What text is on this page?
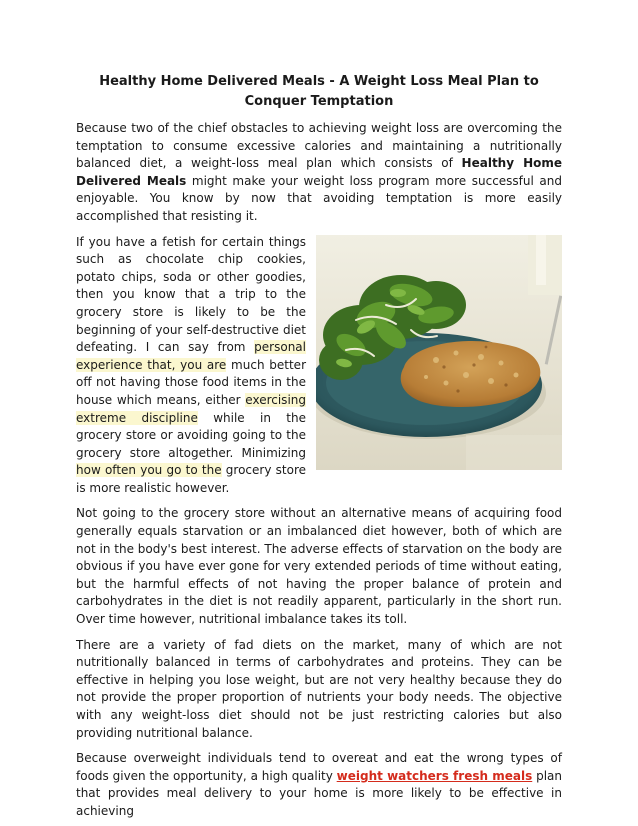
Healthy Home Delivered Meals - A Weight Loss Meal Plan to Conquer Temptation

Because two of the chief obstacles to achieving weight loss are overcoming the temptation to consume excessive calories and maintaining a nutritionally balanced diet, a weight-loss meal plan which consists of Healthy Home Delivered Meals might make your weight loss program more successful and enjoyable. You know by now that avoiding temptation is more easily accomplished that resisting it.

If you have a fetish for certain things such as chocolate chip cookies, potato chips, soda or other goodies, then you know that a trip to the grocery store is likely to be the beginning of your self-destructive diet defeating. I can say from personal experience that, you are much better off not having those food items in the house which means, either exercising extreme discipline while in the grocery store or avoiding going to the grocery store altogether. Minimizing how often you go to the grocery store is more realistic however.

Not going to the grocery store without an alternative means of acquiring food generally equals starvation or an imbalanced diet however, both of which are not in the body's best interest. The adverse effects of starvation on the body are obvious if you have ever gone for very extended periods of time without eating, but the harmful effects of not having the proper balance of protein and carbohydrates in the diet is not readily apparent, particularly in the short run. Over time however, nutritional imbalance takes its toll.

There are a variety of fad diets on the market, many of which are not nutritionally balanced in terms of carbohydrates and proteins. They can be effective in helping you lose weight, but are not very healthy because they do not provide the proper proportion of nutrients your body needs. The objective with any weight-loss diet should not be just restricting calories but also providing nutritional balance.

Because overweight individuals tend to overeat and eat the wrong types of foods given the opportunity, a high quality weight watchers fresh meals plan that provides meal delivery to your home is more likely to be effective in achieving
